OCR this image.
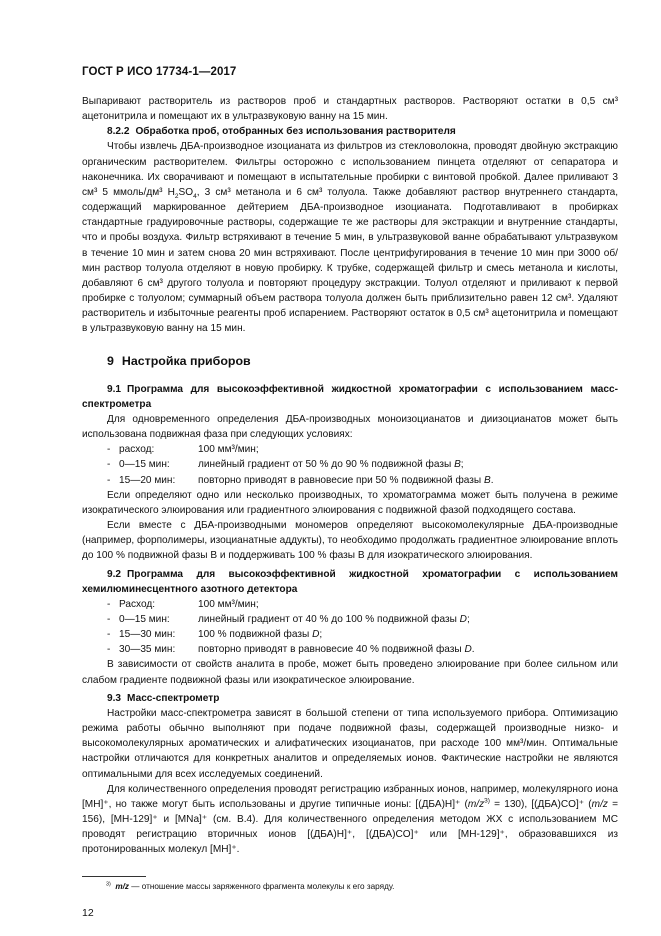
ГОСТ Р ИСО 17734-1—2017

Выпаривают растворитель из растворов проб и стандартных растворов. Растворяют остатки в 0,5 см³ ацетонитрила и помещают их в ультразвуковую ванну на 15 мин.

8.2.2 Обработка проб, отобранных без использования растворителя

Чтобы извлечь ДБА-производное изоцианата из фильтров из стекловолокна, проводят двойную экстракцию органическим растворителем. Фильтры осторожно с использованием пинцета отделяют от сепаратора и наконечника. Их сворачивают и помещают в испытательные пробирки с винтовой пробкой. Далее приливают 3 см³ 5 ммоль/дм³ $H_2SO_4$, 3 см³ метанола и 6 см³ толуола. Также добавляют раствор внутреннего стандарта, содержащий маркированное дейтерием ДБА-производное изоцианата. Подготавливают в пробирках стандартные градуировочные растворы, содержащие те же растворы для экстракции и внутренние стандарты, что и пробы воздуха. Фильтр встряхивают в течение 5 мин, в ультразвуковой ванне обрабатывают ультразвуком в течение 10 мин и затем снова 20 мин встряхивают. После центрифугирования в течение 10 мин при 3000 об/мин раствор толуола отделяют в новую пробирку. К трубке, содержащей фильтр и смесь метанола и кислоты, добавляют 6 см³ другого толуола и повторяют процедуру экстракции. Толуол отделяют и приливают к первой пробирке с толуолом; суммарный объем раствора толуола должен быть приблизительно равен 12 см³. Удаляют растворитель и избыточные реагенты проб испарением. Растворяют остаток в 0,5 см³ ацетонитрила и помещают в ультразвуковую ванну на 15 мин.

9 Настройка приборов
9.1 Программа для высокоэффективной жидкостной хроматографии с использованием масс-спектрометра

Для одновременного определения ДБА-производных моноизоцианатов и диизоцианатов может быть использована подвижная фаза при следующих условиях:

- расход:	100 мм³/мин;
- 0—15 мин:	линейный градиент от 50 % до 90 % подвижной фазы B;
- 15—20 мин:	повторно приводят в равновесие при 50 % подвижной фазы B.

Если определяют одно или несколько производных, то хроматограмма может быть получена в режиме изократического элюирования или градиентного элюирования с подвижной фазой подходящего состава.

Если вместе с ДБА-производными мономеров определяют высокомолекулярные ДБА-производные (например, форполимеры, изоцианатные аддукты), то необходимо продолжать градиентное элюирование вплоть до 100 % подвижной фазы B и поддерживать 100 % фазы B для изократического элюирования.

9.2 Программа для высокоэффективной жидкостной хроматографии с использованием хемилюминесцентного азотного детектора
- Расход:	100 мм³/мин;
- 0—15 мин:	линейный градиент от 40 % до 100 % подвижной фазы D;
- 15—30 мин:	100 % подвижной фазы D;
- 30—35 мин:	повторно приводят в равновесие 40 % подвижной фазы D.

В зависимости от свойств аналита в пробе, может быть проведено элюирование при более сильном или слабом градиенте подвижной фазы или изократическое элюирование.

9.3 Масс-спектрометр

Настройки масс-спектрометра зависят в большой степени от типа используемого прибора. Оптимизацию режима работы обычно выполняют при подаче подвижной фазы, содержащей производные низко- и высокомолекулярных ароматических и алифатических изоцианатов, при расходе 100 мм³/мин. Оптимальные настройки отличаются для конкретных аналитов и определяемых ионов. Фактические настройки не являются оптимальными для всех исследуемых соединений.

Для количественного определения проводят регистрацию избранных ионов, например, молекулярного иона [MH]⁺, но также могут быть использованы и другие типичные ионы: [(ДБА)H]⁺ $(m/z^{3)} = 130)$, [(ДБА)CO]⁺ (m/z = 156), [MH-129]⁺ и [MNa]⁺ (см. B.4). Для количественного определения методом ЖХ с использованием МС проводят регистрацию вторичных ионов [(ДБА)H]⁺, [(ДБА)CO]⁺ или [MH-129]⁺, образовавшихся из протонированных молекул [MH]⁺.

$^{3)}$ m/z — отношение массы заряженного фрагмента молекулы к его заряду.
12
